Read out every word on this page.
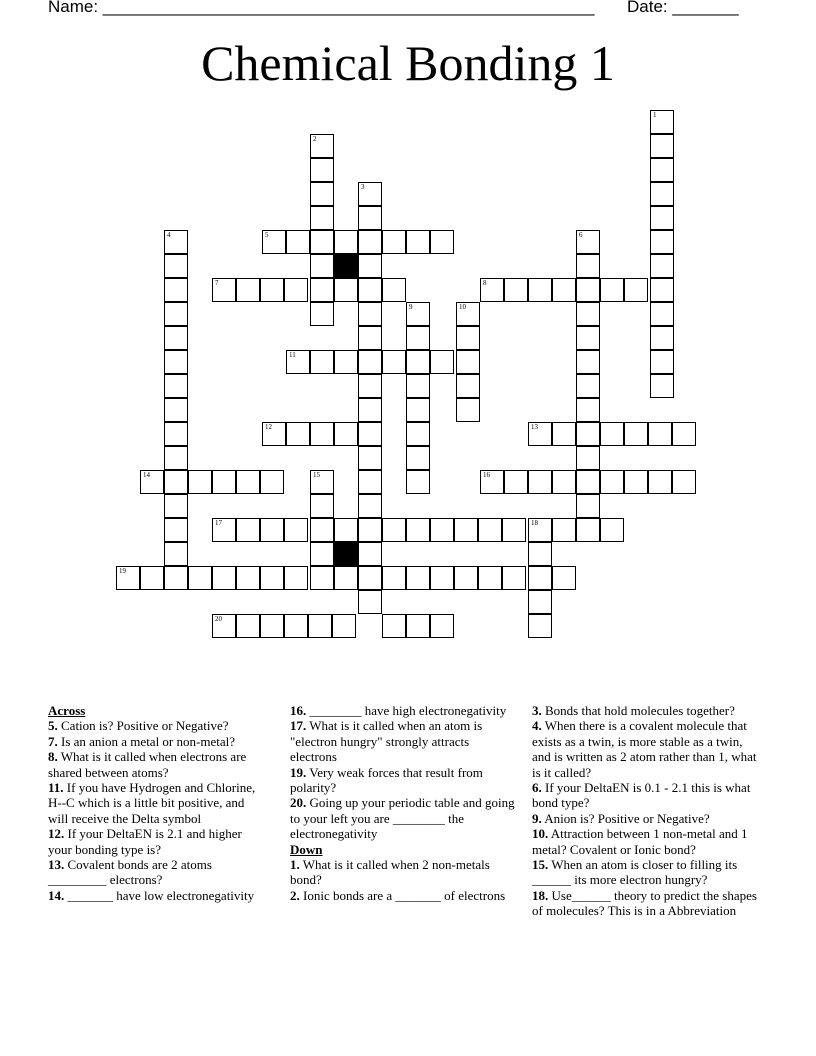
Name: ____________________________________________________ Date: _______
Chemical Bonding 1
1
2
3
4	5	6
7	8
9	10
11
12	13
14	15	16
17	18
19
20
Across
5. Cation is? Positive or Negative?
7. Is an anion a metal or non-metal?
8. What is it called when electrons are shared between atoms?
11. If you have Hydrogen and Chlorine, H--C which is a little bit positive, and will receive the Delta symbol
12. If your DeltaEN is 2.1 and higher your bonding type is?
13. Covalent bonds are 2 atoms _________ electrons?
14. _______ have low electronegativity
16. ________ have high electronegativity
17. What is it called when an atom is "electron hungry" strongly attracts electrons
19. Very weak forces that result from polarity?
20. Going up your periodic table and going to your left you are ________ the electronegativity
Down
1. What is it called when 2 non-metals bond?
2. Ionic bonds are a _______ of electrons
3. Bonds that hold molecules together?
4. When there is a covalent molecule that exists as a twin, is more stable as a twin, and is written as 2 atom rather than 1, what is it called?
6. If your DeltaEN is 0.1 - 2.1 this is what bond type?
9. Anion is? Positive or Negative?
10. Attraction between 1 non-metal and 1 metal? Covalent or Ionic bond?
15. When an atom is closer to filling its ______ its more electron hungry?
18. Use______ theory to predict the shapes of molecules? This is in a Abbreviation
